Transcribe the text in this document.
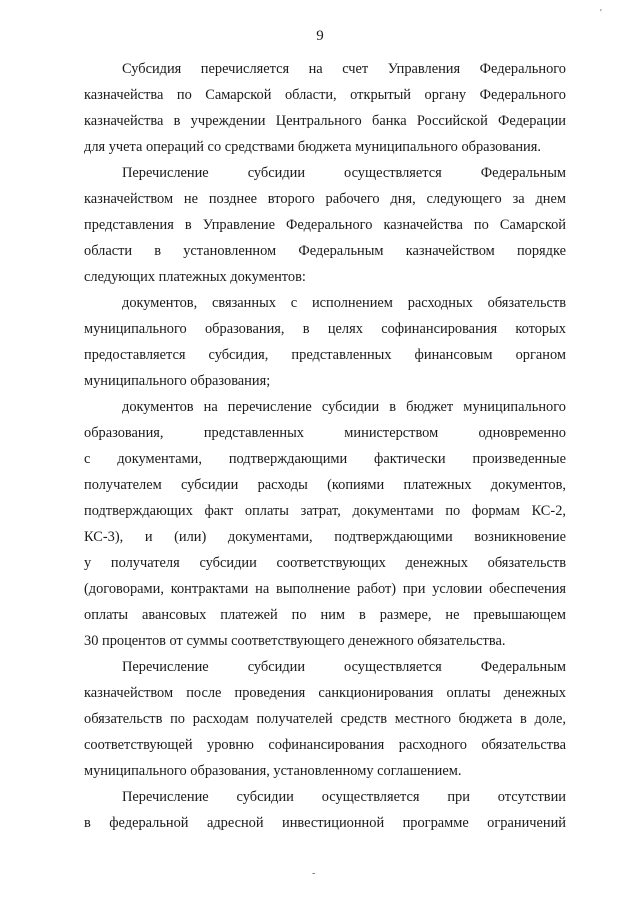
9
Субсидия перечисляется на счет Управления Федерального
казначейства по Самарской области, открытый органу Федерального
казначейства в учреждении Центрального банка Российской Федерации
для учета операций со средствами бюджета муниципального образования.
Перечисление субсидии осуществляется Федеральным
казначейством не позднее второго рабочего дня, следующего за днем
представления в Управление Федерального казначейства по Самарской
области в установленном Федеральным казначейством порядке
следующих платежных документов:
документов, связанных с исполнением расходных обязательств
муниципального образования, в целях софинансирования которых
предоставляется субсидия, представленных финансовым органом
муниципального образования;
документов на перечисление субсидии в бюджет муниципального
образования, представленных министерством одновременно
с документами, подтверждающими фактически произведенные
получателем субсидии расходы (копиями платежных документов,
подтверждающих факт оплаты затрат, документами по формам КС-2,
КС-3), и (или) документами, подтверждающими возникновение
у получателя субсидии соответствующих денежных обязательств
(договорами, контрактами на выполнение работ) при условии обеспечения
оплаты авансовых платежей по ним в размере, не превышающем
30 процентов от суммы соответствующего денежного обязательства.
Перечисление субсидии осуществляется Федеральным
казначейством после проведения санкционирования оплаты денежных
обязательств по расходам получателей средств местного бюджета в доле,
соответствующей уровню софинансирования расходного обязательства
муниципального образования, установленному соглашением.
Перечисление субсидии осуществляется при отсутствии
в федеральной адресной инвестиционной программе ограничений
'
-
